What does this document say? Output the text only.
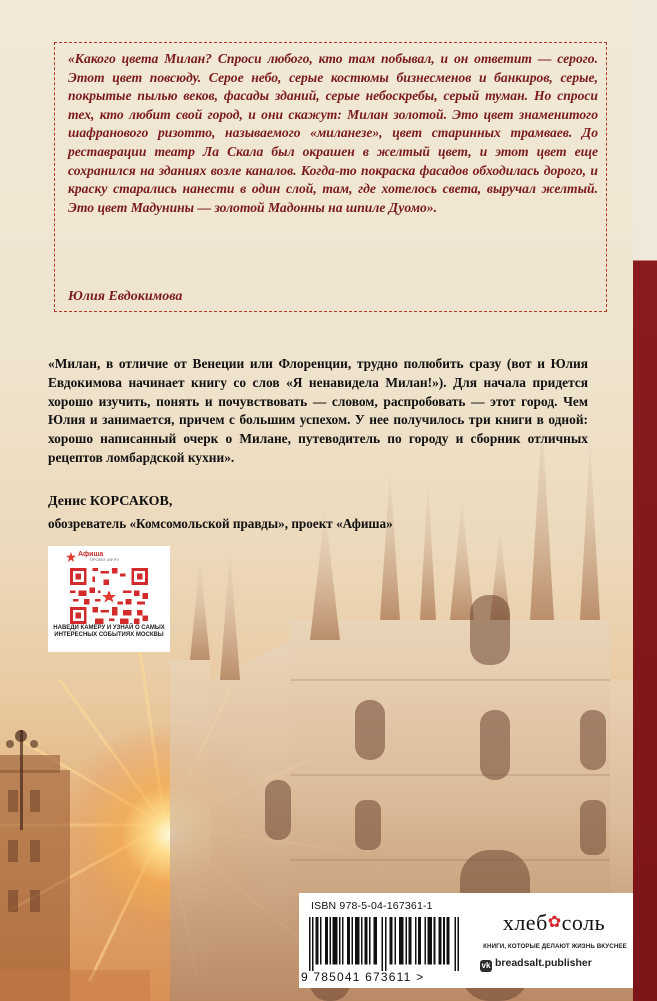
«Какого цвета Милан? Спроси любого, кто там побывал, и он ответит — серого. Этот цвет повсюду. Серое небо, серые костюмы бизнесменов и банкиров, серые, покрытые пылью веков, фасады зданий, серые небоскребы, серый туман. Но спроси тех, кто любит свой город, и они скажут: Милан золотой. Это цвет знаменитого шафранового ризотто, называемого «миланезе», цвет старинных трамваев. До реставрации театр Ла Скала был окрашен в желтый цвет, и этот цвет еще сохранился на зданиях возле каналов. Когда-то покраска фасадов обходилась дорого, и краску старались нанести в один слой, там, где хотелось света, выручал желтый. Это цвет Мадунины — золотой Мадонны на шпиле Дуомо».
Юлия Евдокимова
«Милан, в отличие от Венеции или Флоренции, трудно полюбить сразу (вот и Юлия Евдокимова начинает книгу со слов «Я ненавидела Милан!»). Для начала придется хорошо изучить, понять и почувствовать — словом, распробовать — этот город. Чем Юлия и занимается, причем с большим успехом. У нее получилось три книги в одной: хорошо написанный очерк о Милане, путеводитель по городу и сборник отличных рецептов ломбардской кухни».
Денис КОРСАКОВ,
обозреватель «Комсомольской правды», проект «Афиша»
Афиша
ПРОЕКТ АФ.РУ
НАВЕДИ КАМЕРУ И УЗНАЙ О САМЫХ ИНТЕРЕСНЫХ СОБЫТИЯХ МОСКВЫ
ISBN 978-5-04-167361-1
9 785041 673611 >
хлеб✿соль
КНИГИ, КОТОРЫЕ ДЕЛАЮТ ЖИЗНЬ ВКУСНЕЕ
vk breadsalt.publisher
